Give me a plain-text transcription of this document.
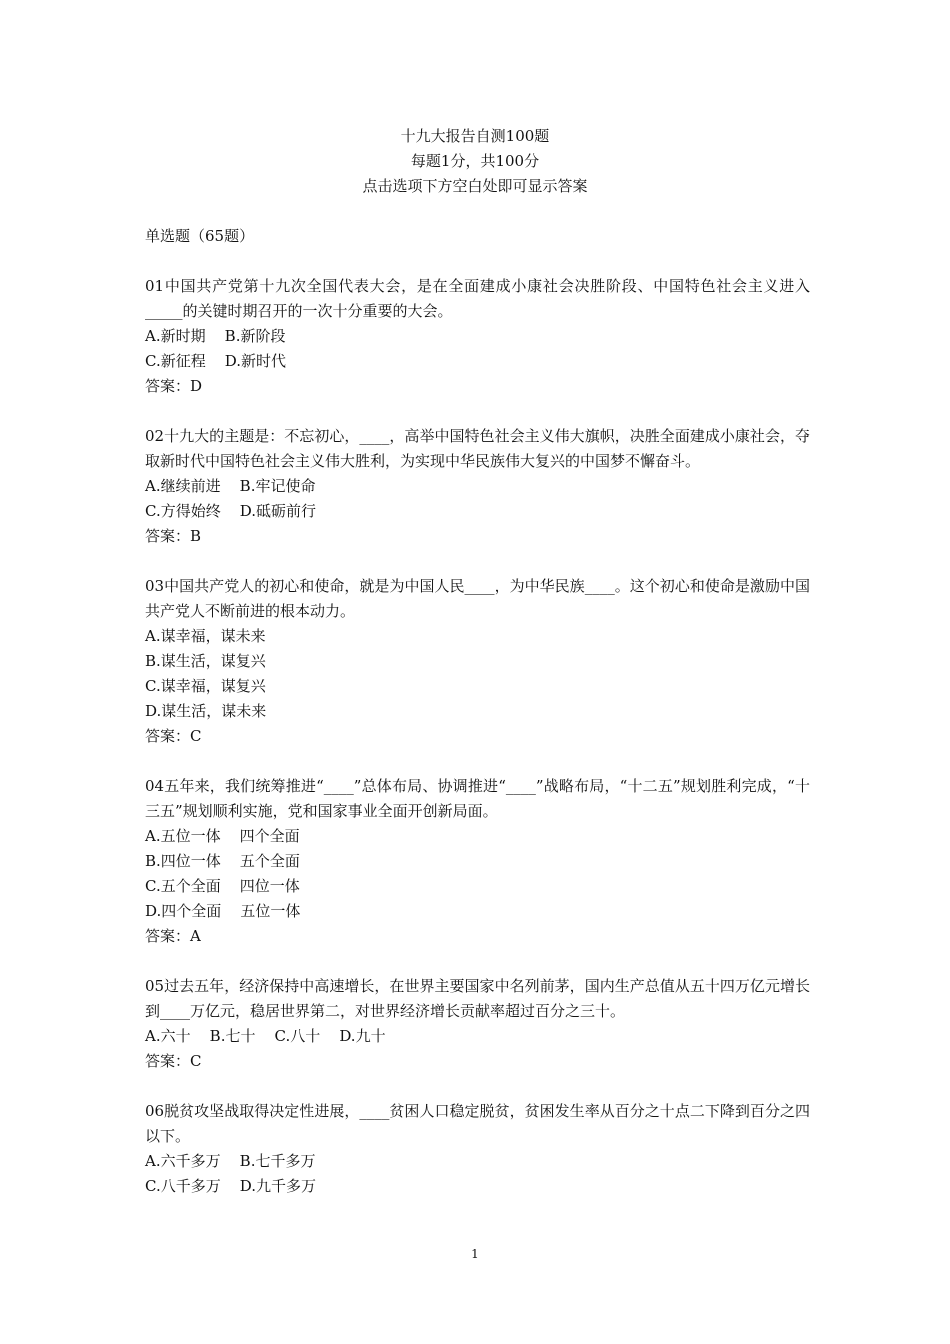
十九大报告自测100题
每题1分，共100分
点击选项下方空白处即可显示答案
单选题（65题）
01中国共产党第十九次全国代表大会，是在全面建成小康社会决胜阶段、中国特色社会主义进入_____的关键时期召开的一次十分重要的大会。
A.新时期    B.新阶段
C.新征程    D.新时代
答案：D
02十九大的主题是：不忘初心，____，高举中国特色社会主义伟大旗帜，决胜全面建成小康社会，夺取新时代中国特色社会主义伟大胜利，为实现中华民族伟大复兴的中国梦不懈奋斗。
A.继续前进    B.牢记使命
C.方得始终    D.砥砺前行
答案：B
03中国共产党人的初心和使命，就是为中国人民____，为中华民族____。这个初心和使命是激励中国共产党人不断前进的根本动力。
A.谋幸福，谋未来
B.谋生活，谋复兴
C.谋幸福，谋复兴
D.谋生活，谋未来
答案：C
04五年来，我们统筹推进“____”总体布局、协调推进“____”战略布局，“十二五”规划胜利完成，“十三五”规划顺利实施，党和国家事业全面开创新局面。
A.五位一体    四个全面
B.四位一体    五个全面
C.五个全面    四位一体
D.四个全面    五位一体
答案：A
05过去五年，经济保持中高速增长，在世界主要国家中名列前茅，国内生产总值从五十四万亿元增长到____万亿元，稳居世界第二，对世界经济增长贡献率超过百分之三十。
A.六十    B.七十    C.八十    D.九十
答案：C
06脱贫攻坚战取得决定性进展，____贫困人口稳定脱贫，贫困发生率从百分之十点二下降到百分之四以下。
A.六千多万    B.七千多万
C.八千多万    D.九千多万
1
